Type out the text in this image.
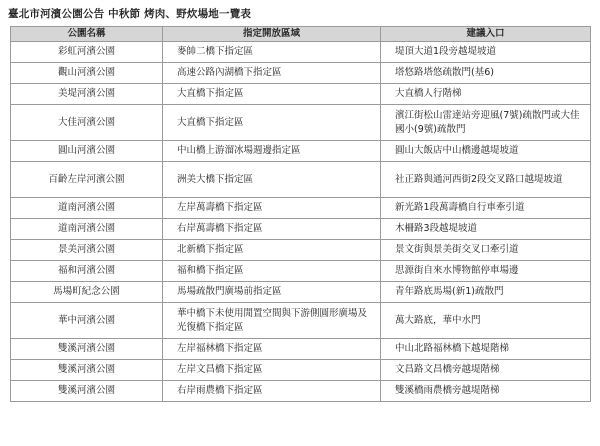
臺北市河濱公園公告 中秋節 烤肉、野炊場地一覽表
公園名稱	指定開放區域	建議入口
彩虹河濱公園	麥帥二橋下指定區	堤頂大道1段旁越堤坡道
觀山河濱公園	高速公路內湖橋下指定區	塔悠路塔悠疏散門(基6)
美堤河濱公園	大直橋下指定區	大直橋人行階梯
大佳河濱公園	大直橋下指定區	濱江街松山雷達站旁迎風(7號)疏散門或大佳國小(9號)疏散門
圓山河濱公園	中山橋上游溜冰場週邊指定區	圓山大飯店中山橋邊越堤坡道
百齡左岸河濱公園	洲美大橋下指定區	社正路與通河西街2段交叉路口越堤坡道
道南河濱公園	左岸萬壽橋下指定區	新光路1段萬壽橋自行車牽引道
道南河濱公園	右岸萬壽橋下指定區	木柵路3段越堤坡道
景美河濱公園	北新橋下指定區	景文街與景美街交叉口牽引道
福和河濱公園	福和橋下指定區	思源街自來水博物館停車場邊
馬場町紀念公園	馬場疏散門廣場前指定區	青年路底馬場(新1)疏散門
華中河濱公園	華中橋下未使用閒置空間與下游側圓形廣場及光復橋下指定區	萬大路底，華中水門
雙溪河濱公園	左岸福林橋下指定區	中山北路福林橋下越堤階梯
雙溪河濱公園	左岸文昌橋下指定區	文昌路文昌橋旁越堤階梯
雙溪河濱公園	右岸雨農橋下指定區	雙溪橋雨農橋旁越堤階梯
